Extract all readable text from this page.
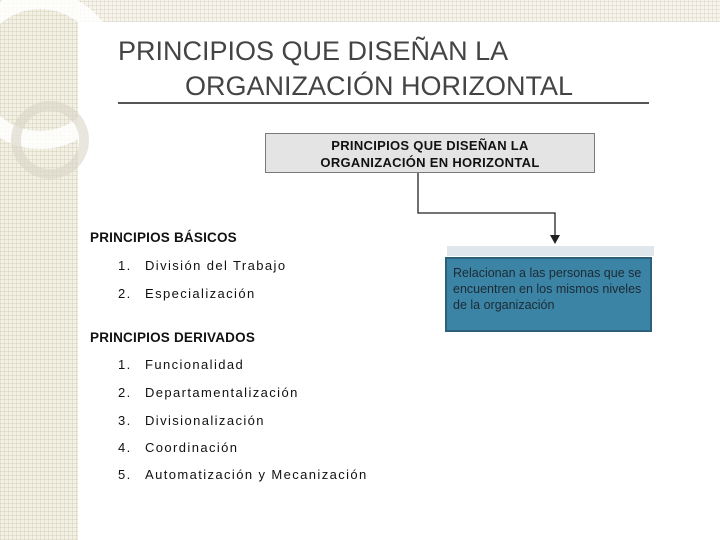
PRINCIPIOS QUE DISEÑAN LA
ORGANIZACIÓN HORIZONTAL
PRINCIPIOS QUE DISEÑAN LA
ORGANIZACIÓN EN HORIZONTAL
PRINCIPIOS BÁSICOS
1. División del Trabajo
2. Especialización
PRINCIPIOS DERIVADOS
1. Funcionalidad
2. Departamentalización
3. Divisionalización
4. Coordinación
5. Automatización y Mecanización
Relacionan a las personas que se encuentren en los mismos niveles de la organización
